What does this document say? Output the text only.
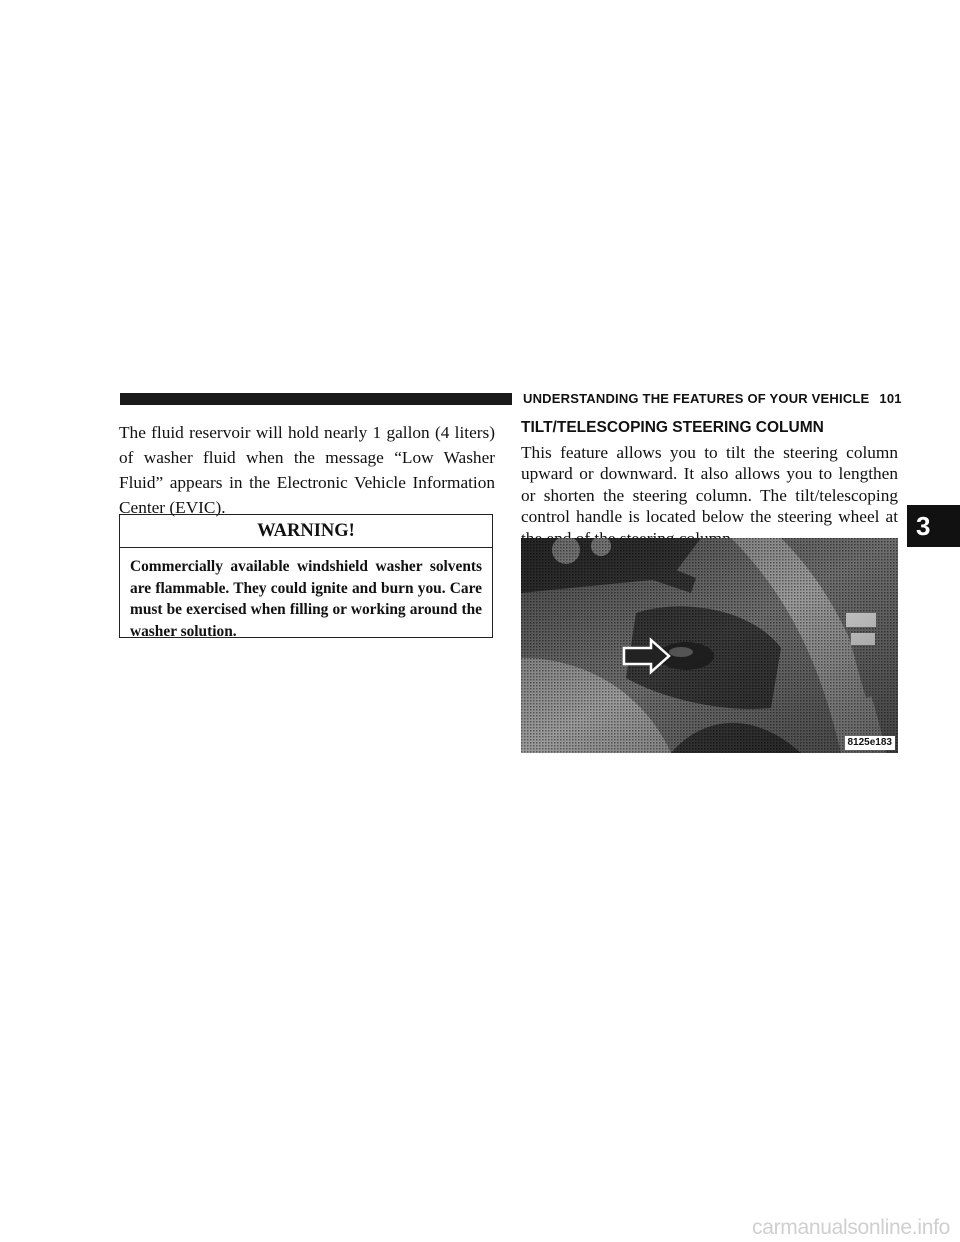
UNDERSTANDING THE FEATURES OF YOUR VEHICLE 101
The fluid reservoir will hold nearly 1 gallon (4 liters) of washer fluid when the message “Low Washer Fluid” appears in the Electronic Vehicle Information Center (EVIC).
WARNING!
Commercially available windshield washer solvents are flammable. They could ignite and burn you. Care must be exercised when filling or working around the washer solution.
TILT/TELESCOPING STEERING COLUMN
This feature allows you to tilt the steering column upward or downward. It also allows you to lengthen or shorten the steering column. The tilt/telescoping control handle is located below the steering wheel at
8125e183
3
carmanualsonline.info
